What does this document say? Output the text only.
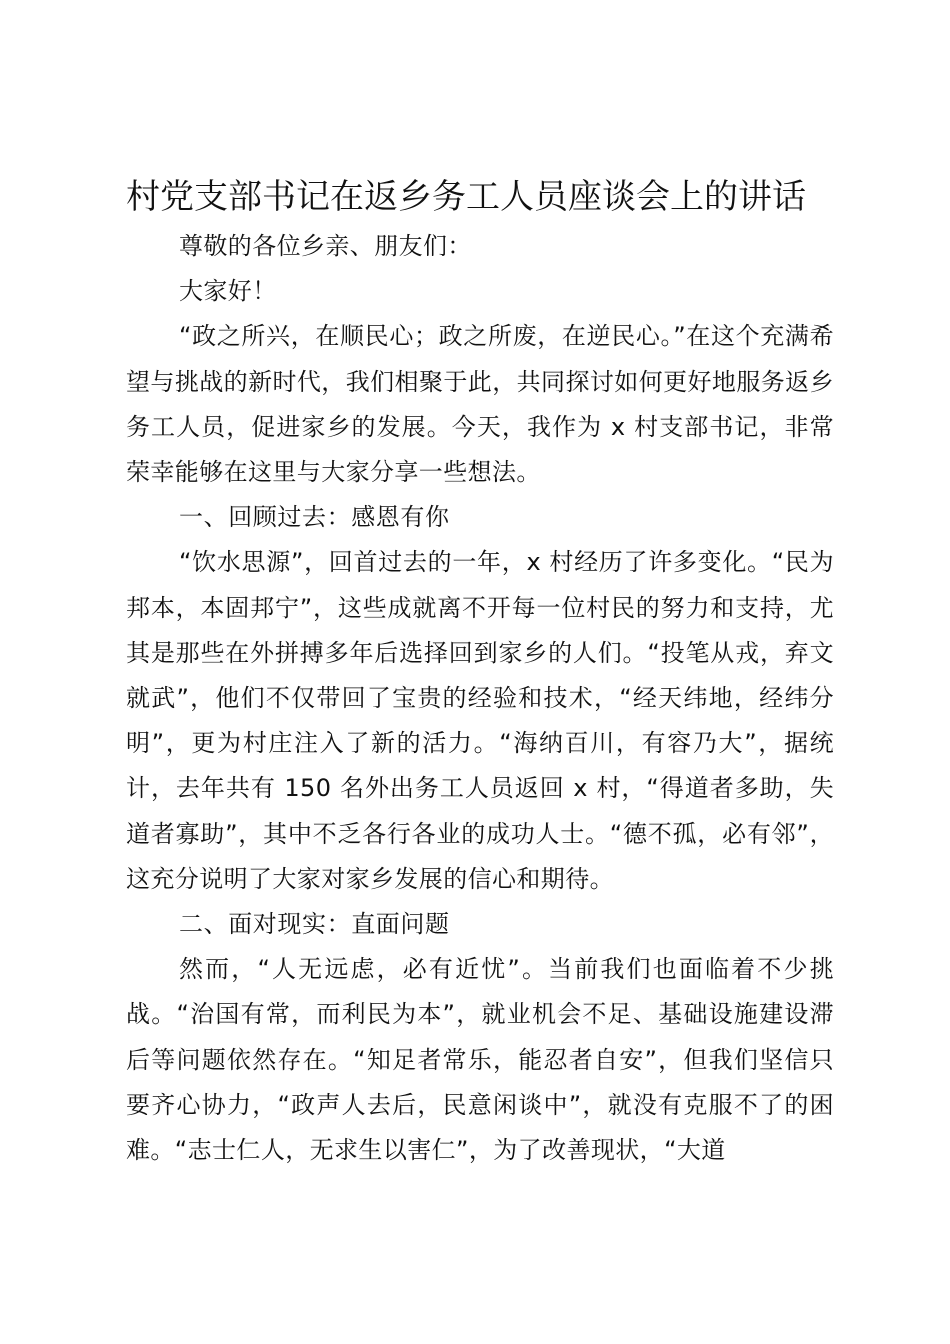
村党支部书记在返乡务工人员座谈会上的讲话

尊敬的各位乡亲、朋友们：

大家好！

“政之所兴，在顺民心；政之所废，在逆民心。”在这个充满希望与挑战的新时代，我们相聚于此，共同探讨如何更好地服务返乡务工人员，促进家乡的发展。今天，我作为 x 村支部书记，非常荣幸能够在这里与大家分享一些想法。

一、回顾过去：感恩有你

“饮水思源”，回首过去的一年，x 村经历了许多变化。“民为邦本，本固邦宁”，这些成就离不开每一位村民的努力和支持，尤其是那些在外拼搏多年后选择回到家乡的人们。“投笔从戎，弃文就武”，他们不仅带回了宝贵的经验和技术，“经天纬地，经纬分明”，更为村庄注入了新的活力。“海纳百川，有容乃大”，据统计，去年共有 150 名外出务工人员返回 x 村，“得道者多助，失道者寡助”，其中不乏各行各业的成功人士。“德不孤，必有邻”，这充分说明了大家对家乡发展的信心和期待。

二、面对现实：直面问题

然而，“人无远虑，必有近忧”。当前我们也面临着不少挑战。“治国有常，而利民为本”，就业机会不足、基础设施建设滞后等问题依然存在。“知足者常乐，能忍者自安”，但我们坚信只要齐心协力，“政声人去后，民意闲谈中”，就没有克服不了的困难。“志士仁人，无求生以害仁”，为了改善现状，“大道
